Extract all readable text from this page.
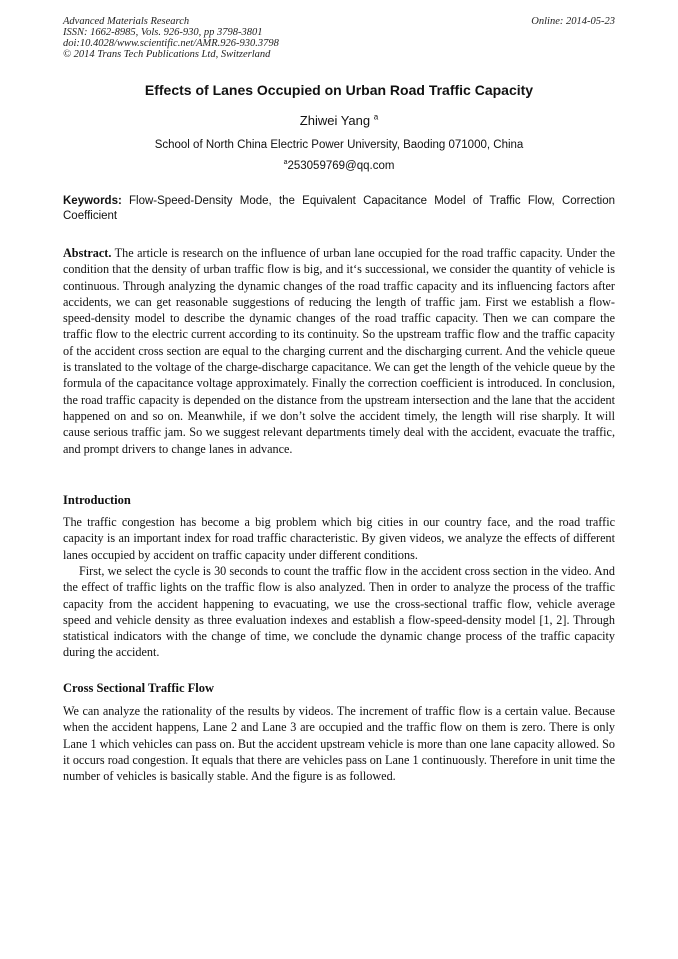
Advanced Materials Research
ISSN: 1662-8985, Vols. 926-930, pp 3798-3801
doi:10.4028/www.scientific.net/AMR.926-930.3798
© 2014 Trans Tech Publications Ltd, Switzerland
Online: 2014-05-23
Effects of Lanes Occupied on Urban Road Traffic Capacity
Zhiwei Yang $^a$
School of North China Electric Power University, Baoding 071000, China
$^a$253059769@qq.com
Keywords: Flow-Speed-Density Mode, the Equivalent Capacitance Model of Traffic Flow, Correction Coefficient
Abstract. The article is research on the influence of urban lane occupied for the road traffic capacity. Under the condition that the density of urban traffic flow is big, and it‘s successional, we consider the quantity of vehicle is continuous. Through analyzing the dynamic changes of the road traffic capacity and its influencing factors after accidents, we can get reasonable suggestions of reducing the length of traffic jam. First we establish a flow-speed-density model to describe the dynamic changes of the road traffic capacity. Then we can compare the traffic flow to the electric current according to its continuity. So the upstream traffic flow and the traffic capacity of the accident cross section are equal to the charging current and the discharging current. And the vehicle queue is translated to the voltage of the charge-discharge capacitance. We can get the length of the vehicle queue by the formula of the capacitance voltage approximately. Finally the correction coefficient is introduced. In conclusion, the road traffic capacity is depended on the distance from the upstream intersection and the lane that the accident happened on and so on. Meanwhile, if we don’t solve the accident timely, the length will rise sharply. It will cause serious traffic jam. So we suggest relevant departments timely deal with the accident, evacuate the traffic, and prompt drivers to change lanes in advance.
Introduction

The traffic congestion has become a big problem which big cities in our country face, and the road traffic capacity is an important index for road traffic characteristic. By given videos, we analyze the effects of different lanes occupied by accident on traffic capacity under different conditions.

First, we select the cycle is 30 seconds to count the traffic flow in the accident cross section in the video. And the effect of traffic lights on the traffic flow is also analyzed. Then in order to analyze the process of the traffic capacity from the accident happening to evacuating, we use the cross-sectional traffic flow, vehicle average speed and vehicle density as three evaluation indexes and establish a flow-speed-density model [1, 2]. Through statistical indicators with the change of time, we conclude the dynamic change process of the traffic capacity during the accident.

Cross Sectional Traffic Flow

We can analyze the rationality of the results by videos. The increment of traffic flow is a certain value. Because when the accident happens, Lane 2 and Lane 3 are occupied and the traffic flow on them is zero. There is only Lane 1 which vehicles can pass on. But the accident upstream vehicle is more than one lane capacity allowed. So it occurs road congestion. It equals that there are vehicles pass on Lane 1 continuously. Therefore in unit time the number of vehicles is basically stable. And the figure is as followed.
